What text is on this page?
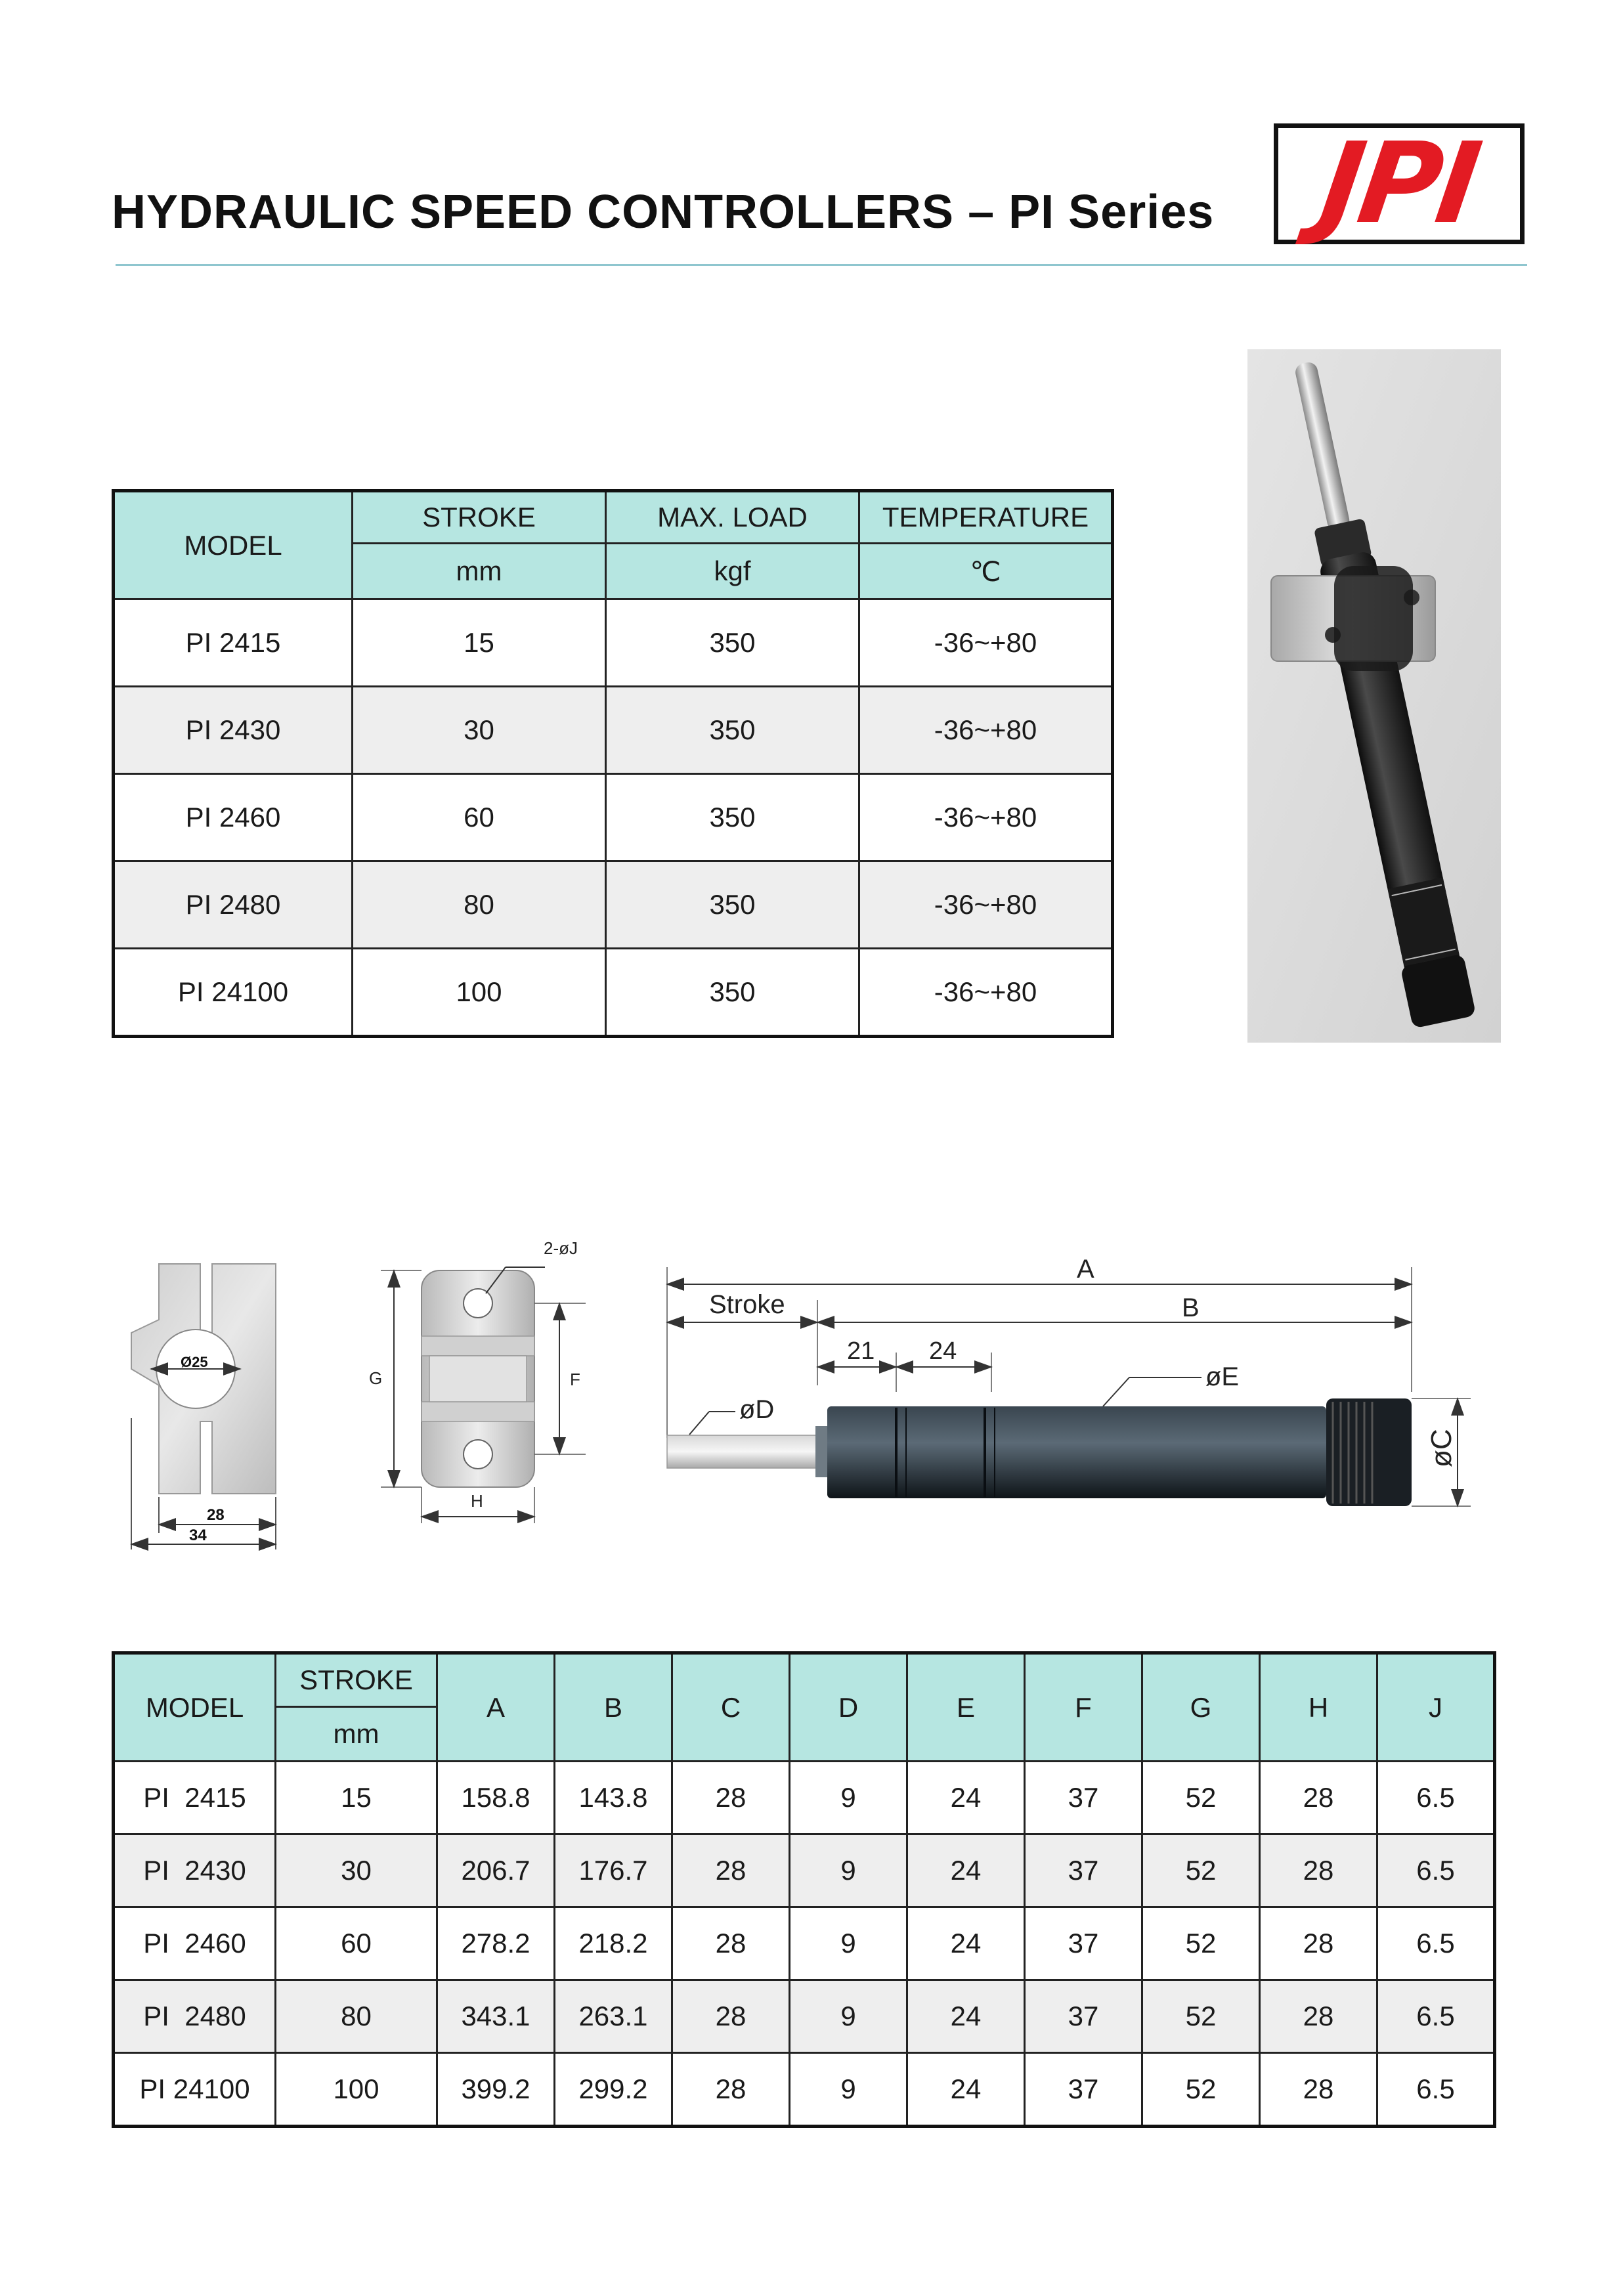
HYDRAULIC SPEED CONTROLLERS – PI Series JPI
MODEL	STROKE	MAX. LOAD	TEMPERATURE
	mm	kgf	℃
PI 2415	15	350	-36~+80
PI 2430	30	350	-36~+80
PI 2460	60	350	-36~+80
PI 2480	80	350	-36~+80
PI 24100	100	350	-36~+80
Ø25
28
34
2-øJ
G	F
H
A
Stroke	B
21 24
øC
øD
øE
MODEL	STROKE	A	B	C	D	E	F	G	H	J
	mm									
PI  2415	15	158.8	143.8	28	9	24	37	52	28	6.5
PI  2430	30	206.7	176.7	28	9	24	37	52	28	6.5
PI  2460	60	278.2	218.2	28	9	24	37	52	28	6.5
PI  2480	80	343.1	263.1	28	9	24	37	52	28	6.5
PI 24100	100	399.2	299.2	28	9	24	37	52	28	6.5
